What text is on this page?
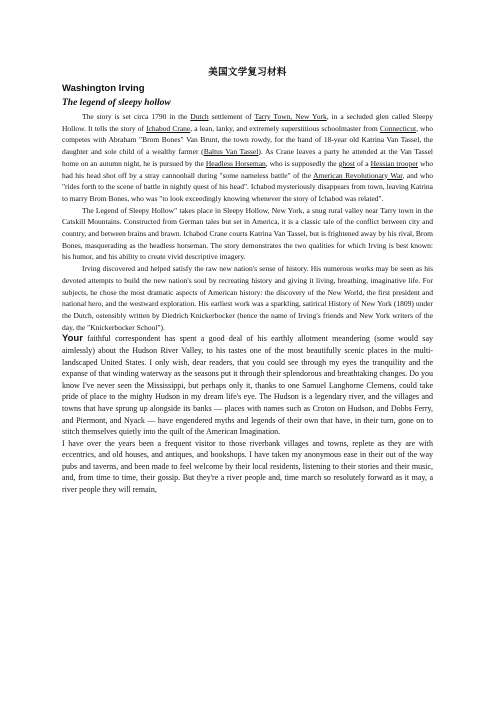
美国文学复习材料
Washington Irving
The legend of sleepy hollow

The story is set circa 1790 in the Dutch settlement of Tarry Town, New York, in a secluded glen called Sleepy Hollow. It tells the story of Ichabod Crane, a lean, lanky, and extremely superstitious schoolmaster from Connecticut, who competes with Abraham "Brom Bones" Van Brunt, the town rowdy, for the hand of 18-year old Katrina Van Tassel, the daughter and sole child of a wealthy farmer (Baltus Van Tassel). As Crane leaves a party he attended at the Van Tassel home on an autumn night, he is pursued by the Headless Horseman, who is supposedly the ghost of a Hessian trooper who had his head shot off by a stray cannonball during "some nameless battle" of the American Revolutionary War, and who "rides forth to the scene of battle in nightly quest of his head". Ichabod mysteriously disappears from town, leaving Katrina to marry Brom Bones, who was "to look exceedingly knowing whenever the story of Ichabod was related".

The Legend of Sleepy Hollow" takes place in Sleepy Hollow, New York, a snug rural valley near Tarry town in the Catskill Mountains. Constructed from German tales but set in America, it is a classic tale of the conflict between city and country, and between brains and brawn. Ichabod Crane courts Katrina Van Tassel, but is frightened away by his rival, Brom Bones, masquerading as the headless horseman. The story demonstrates the two qualities for which Irving is best known: his humor, and his ability to create vivid descriptive imagery.

Irving discovered and helped satisfy the raw new nation's sense of history. His numerous works may be seen as his devoted attempts to build the new nation's soul by recreating history and giving it living, breathing, imaginative life. For subjects, he chose the most dramatic aspects of American history: the discovery of the New World, the first president and national hero, and the westward exploration. His earliest work was a sparkling, satirical History of New York (1809) under the Dutch, ostensibly written by Diedrich Knickerbocker (hence the name of Irving's friends and New York writers of the day, the "Knickerbocker School").

Your faithful correspondent has spent a good deal of his earthly allotment meandering (some would say aimlessly) about the Hudson River Valley, to his tastes one of the most beautifully scenic places in the multi-landscaped United States. I only wish, dear readers, that you could see through my eyes the tranquility and the expanse of that winding waterway as the seasons put it through their splendorous and breathtaking changes. Do you know I've never seen the Mississippi, but perhaps only it, thanks to one Samuel Langhorne Clemens, could take pride of place to the mighty Hudson in my dream life's eye. The Hudson is a legendary river, and the villages and towns that have sprung up alongside its banks — places with names such as Croton on Hudson, and Dobbs Ferry, and Piermont, and Nyack — have engendered myths and legends of their own that have, in their turn, gone on to stitch themselves quietly into the quilt of the American Imagination.

I have over the years been a frequent visitor to those riverbank villages and towns, replete as they are with eccentrics, and old houses, and antiques, and bookshops. I have taken my anonymous ease in their out of the way pubs and taverns, and been made to feel welcome by their local residents, listening to their stories and their music, and, from time to time, their gossip. But they're a river people and, time march so resolutely forward as it may, a river people they will remain,
